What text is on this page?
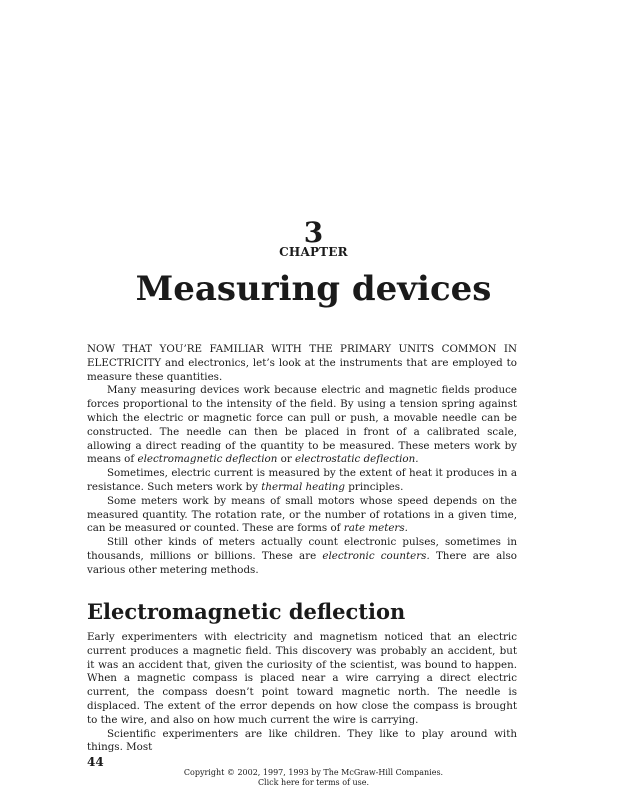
3
CHAPTER
Measuring devices

NOW THAT YOU’RE FAMILIAR WITH THE PRIMARY UNITS COMMON IN ELECTRICITY and electronics, let’s look at the instruments that are employed to measure these quantities.

Many measuring devices work because electric and magnetic fields produce forces proportional to the intensity of the field. By using a tension spring against which the electric or magnetic force can pull or push, a movable needle can be constructed. The needle can then be placed in front of a calibrated scale, allowing a direct reading of the quantity to be measured. These meters work by means of electromagnetic deflection or electrostatic deflection.

Sometimes, electric current is measured by the extent of heat it produces in a resistance. Such meters work by thermal heating principles.

Some meters work by means of small motors whose speed depends on the measured quantity. The rotation rate, or the number of rotations in a given time, can be measured or counted. These are forms of rate meters.

Still other kinds of meters actually count electronic pulses, sometimes in thousands, millions or billions. These are electronic counters. There are also various other metering methods.

Electromagnetic deflection

Early experimenters with electricity and magnetism noticed that an electric current produces a magnetic field. This discovery was probably an accident, but it was an accident that, given the curiosity of the scientist, was bound to happen. When a magnetic compass is placed near a wire carrying a direct electric current, the compass doesn’t point toward magnetic north. The needle is displaced. The extent of the error depends on how close the compass is brought to the wire, and also on how much current the wire is carrying.

Scientific experimenters are like children. They like to play around with things. Most

44
Copyright © 2002, 1997, 1993 by The McGraw-Hill Companies.
Click here for terms of use.
